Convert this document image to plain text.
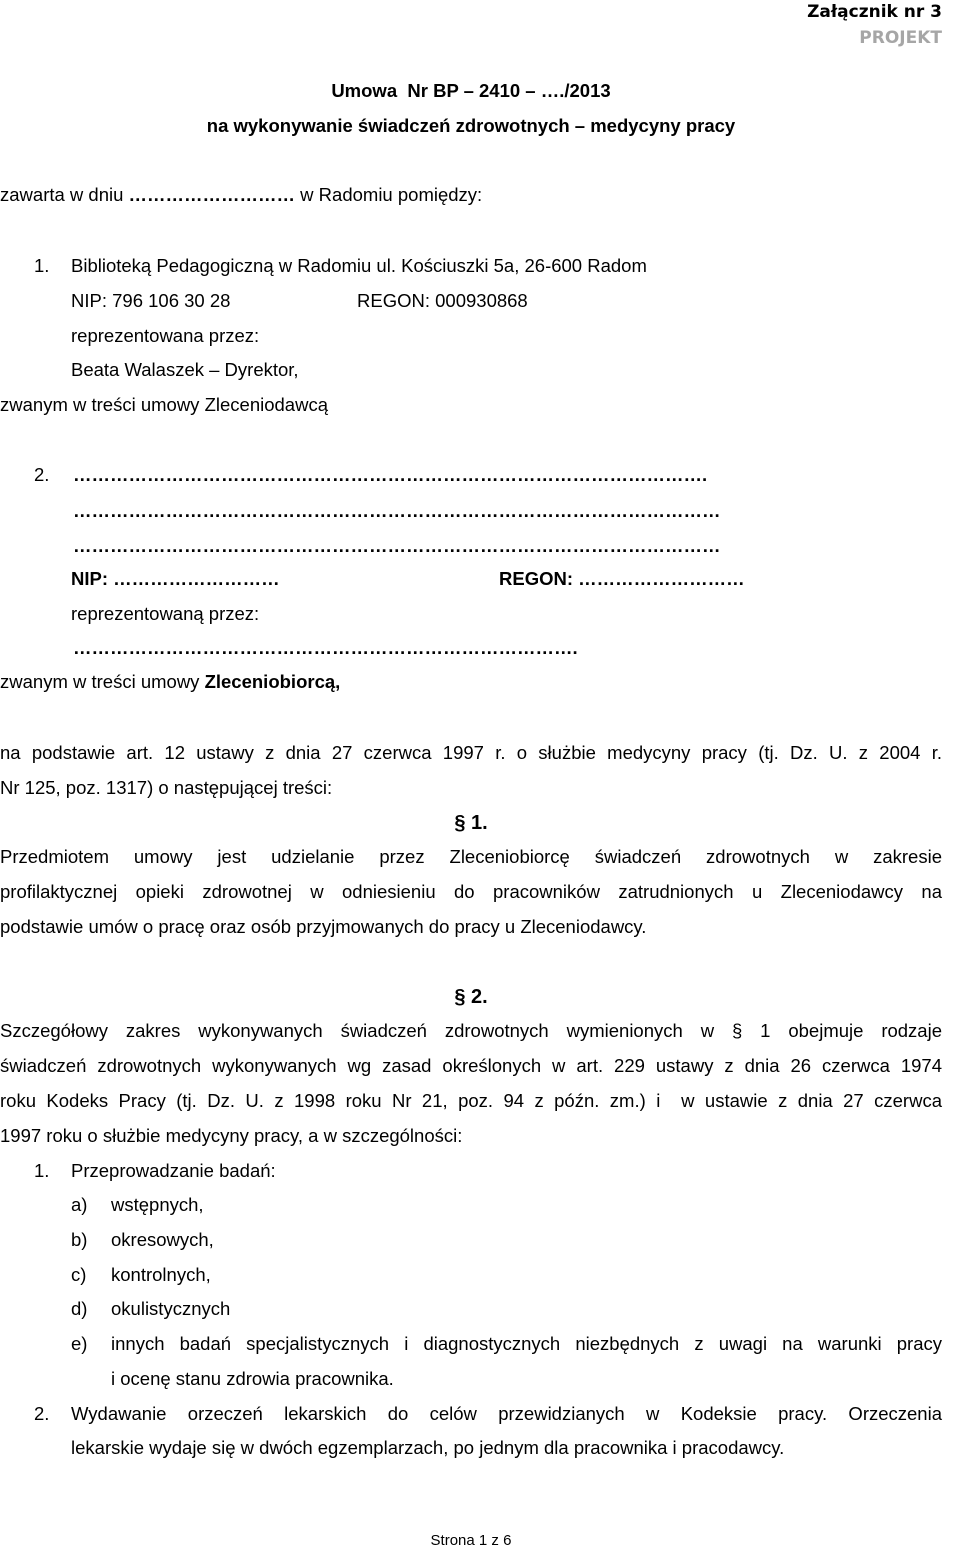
Załącznik nr 3
PROJEKT
Umowa  Nr BP – 2410 – …./2013
na wykonywanie świadczeń zdrowotnych – medycyny pracy
zawarta w dniu ……………………… w Radomiu pomiędzy:
1. Biblioteką Pedagogiczną w Radomiu ul. Kościuszki 5a, 26-600 Radom
NIP: 796 106 30 28	REGON: 000930868
reprezentowana przez:
Beata Walaszek – Dyrektor,
zwanym w treści umowy Zleceniodawcą
2. ………………………………………………………………………………………….
……………………………………………………………………………………………
……………………………………………………………………………………………
NIP: ………………………	REGON: ………………………
reprezentowaną przez:
……………………………………………………………………….
zwanym w treści umowy Zleceniobiorcą,
na podstawie art. 12 ustawy z dnia 27 czerwca 1997 r. o służbie medycyny pracy (tj. Dz. U. z 2004 r.
Nr 125, poz. 1317) o następującej treści:
§ 1.
Przedmiotem umowy jest udzielanie przez Zleceniobiorcę świadczeń zdrowotnych w zakresie
profilaktycznej opieki zdrowotnej w odniesieniu do pracowników zatrudnionych u Zleceniodawcy na
podstawie umów o pracę oraz osób przyjmowanych do pracy u Zleceniodawcy.
§ 2.
Szczegółowy zakres wykonywanych świadczeń zdrowotnych wymienionych w § 1 obejmuje rodzaje
świadczeń zdrowotnych wykonywanych wg zasad określonych w art. 229 ustawy z dnia 26 czerwca 1974
roku Kodeks Pracy (tj. Dz. U. z 1998 roku Nr 21, poz. 94 z późn. zm.) i  w ustawie z dnia 27 czerwca
1997 roku o służbie medycyny pracy, a w szczególności:
1. Przeprowadzanie badań:
a) wstępnych,
b) okresowych,
c) kontrolnych,
d) okulistycznych
e) innych badań specjalistycznych i diagnostycznych niezbędnych z uwagi na warunki pracy
i ocenę stanu zdrowia pracownika.
2. Wydawanie orzeczeń lekarskich do celów przewidzianych w Kodeksie pracy. Orzeczenia
lekarskie wydaje się w dwóch egzemplarzach, po jednym dla pracownika i pracodawcy.
Strona 1 z 6
